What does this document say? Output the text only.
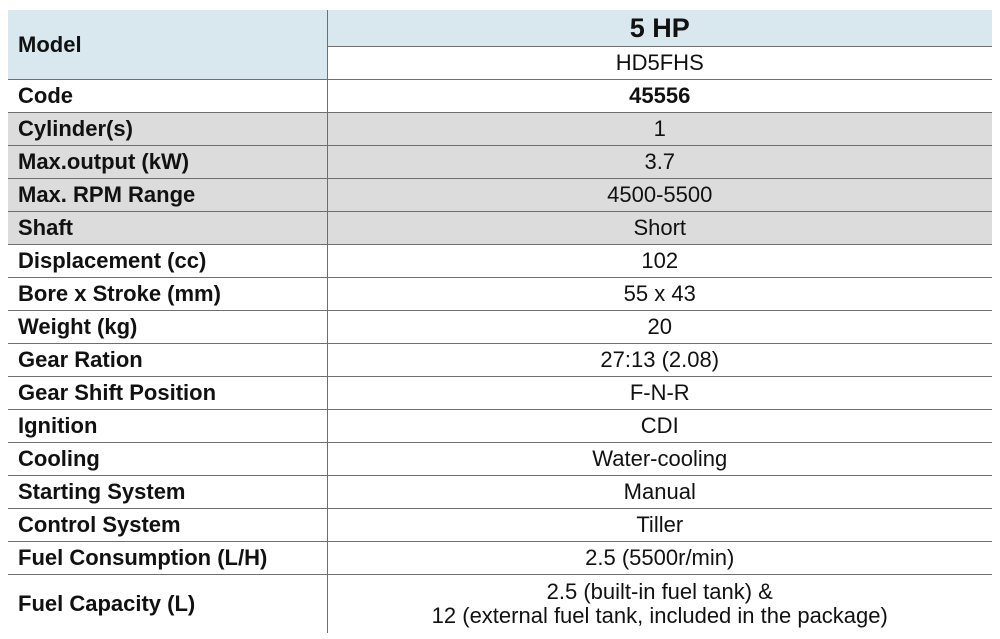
Model	5 HP
	HD5FHS
Code	45556
Cylinder(s)	1
Max.output (kW)	3.7
Max. RPM Range	4500-5500
Shaft	Short
Displacement (cc)	102
Bore x Stroke (mm)	55 x 43
Weight (kg)	20
Gear Ration	27:13 (2.08)
Gear Shift Position	F-N-R
Ignition	CDI
Cooling	Water-cooling
Starting System	Manual
Control System	Tiller
Fuel Consumption (L/H)	2.5 (5500r/min)
Fuel Capacity (L)	2.5 (built-in fuel tank) &
12 (external fuel tank, included in the package)
